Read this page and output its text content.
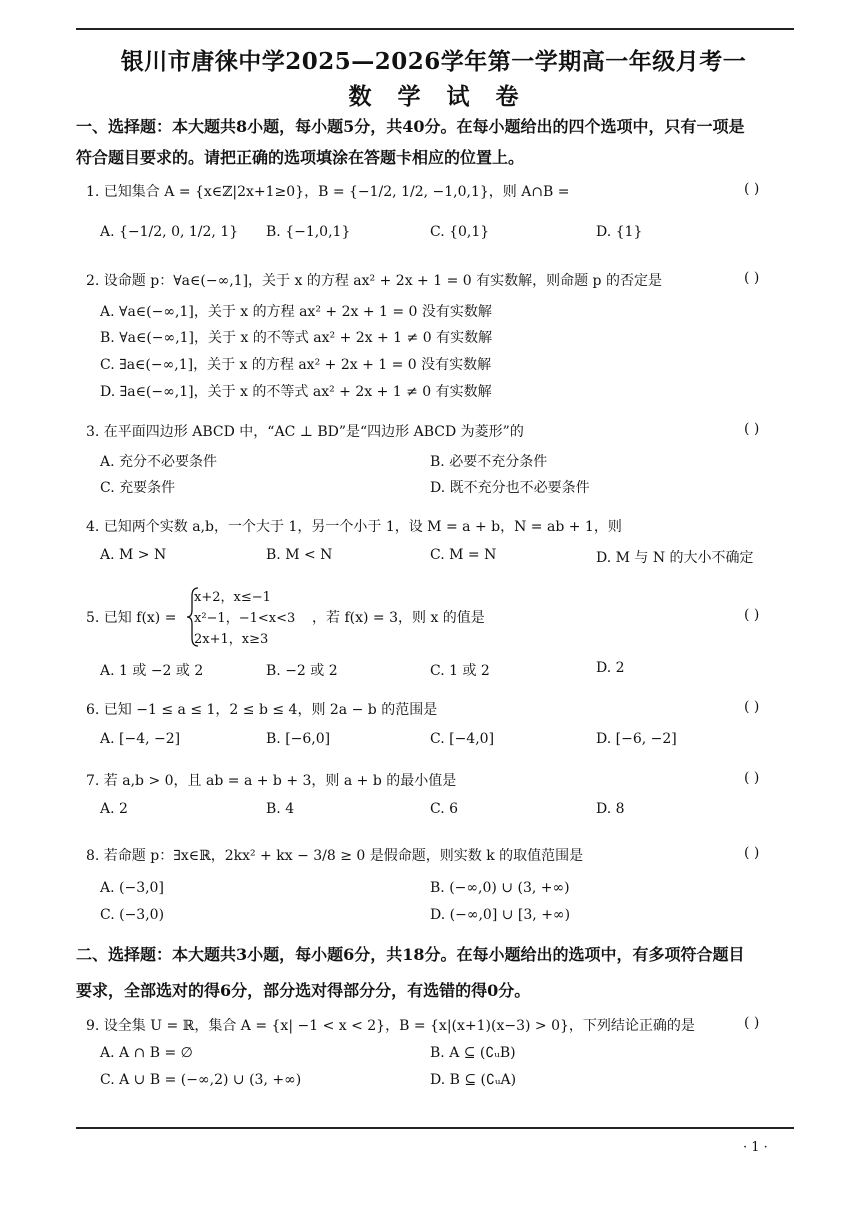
银川市唐徕中学2025—2026学年第一学期高一年级月考一
数学试卷
一、选择题：本大题共8小题，每小题5分，共40分。在每小题给出的四个选项中，只有一项是
符合题目要求的。请把正确的选项填涂在答题卡相应的位置上。
1. 已知集合 A = {x∈ℤ|2x+1≥0}，B = {−1/2, 1/2, −1,0,1}，则 A∩B =	( )
A. {−1/2, 0, 1/2, 1} B. {−1,0,1}	C. {0,1}	D. {1}
2. 设命题 p：∀a∈(−∞,1]，关于 x 的方程 ax² + 2x + 1 = 0 有实数解，则命题 p 的否定是	( )
A. ∀a∈(−∞,1]，关于 x 的方程 ax² + 2x + 1 = 0 没有实数解
B. ∀a∈(−∞,1]，关于 x 的不等式 ax² + 2x + 1 ≠ 0 有实数解
C. ∃a∈(−∞,1]，关于 x 的方程 ax² + 2x + 1 = 0 没有实数解
D. ∃a∈(−∞,1]，关于 x 的不等式 ax² + 2x + 1 ≠ 0 有实数解
3. 在平面四边形 ABCD 中，“AC ⊥ BD”是“四边形 ABCD 为菱形”的	( )
A. 充分不必要条件	B. 必要不充分条件
C. 充要条件	D. 既不充分也不必要条件
4. 已知两个实数 a,b，一个大于 1，另一个小于 1，设 M = a + b，N = ab + 1，则
A. M > N	B. M < N	C. M = N	D. M 与 N 的大小不确定
5. 已知 f(x) =
x+2，x≤−1
x²−1，−1<x<3
2x+1，x≥3
，若 f(x) = 3，则 x 的值是	( )
A. 1 或 −2 或 2	B. −2 或 2	C. 1 或 2	D. 2
6. 已知 −1 ≤ a ≤ 1，2 ≤ b ≤ 4，则 2a − b 的范围是	( )
A. [−4, −2]	B. [−6,0]	C. [−4,0]	D. [−6, −2]
7. 若 a,b > 0，且 ab = a + b + 3，则 a + b 的最小值是	( )
A. 2	B. 4	C. 6	D. 8
8. 若命题 p：∃x∈ℝ，2kx² + kx − 3/8 ≥ 0 是假命题，则实数 k 的取值范围是	( )
A. (−3,0]	B. (−∞,0) ∪ (3, +∞)
C. (−3,0)	D. (−∞,0] ∪ [3, +∞)
二、选择题：本大题共3小题，每小题6分，共18分。在每小题给出的选项中，有多项符合题目
要求，全部选对的得6分，部分选对得部分分，有选错的得0分。
9. 设全集 U = ℝ，集合 A = {x| −1 < x < 2}，B = {x|(x+1)(x−3) > 0}，下列结论正确的是	( )
A. A ∩ B = ∅	B. A ⊆ (∁ᵤB)
C. A ∪ B = (−∞,2) ∪ (3, +∞)	D. B ⊆ (∁ᵤA)
· 1 ·
